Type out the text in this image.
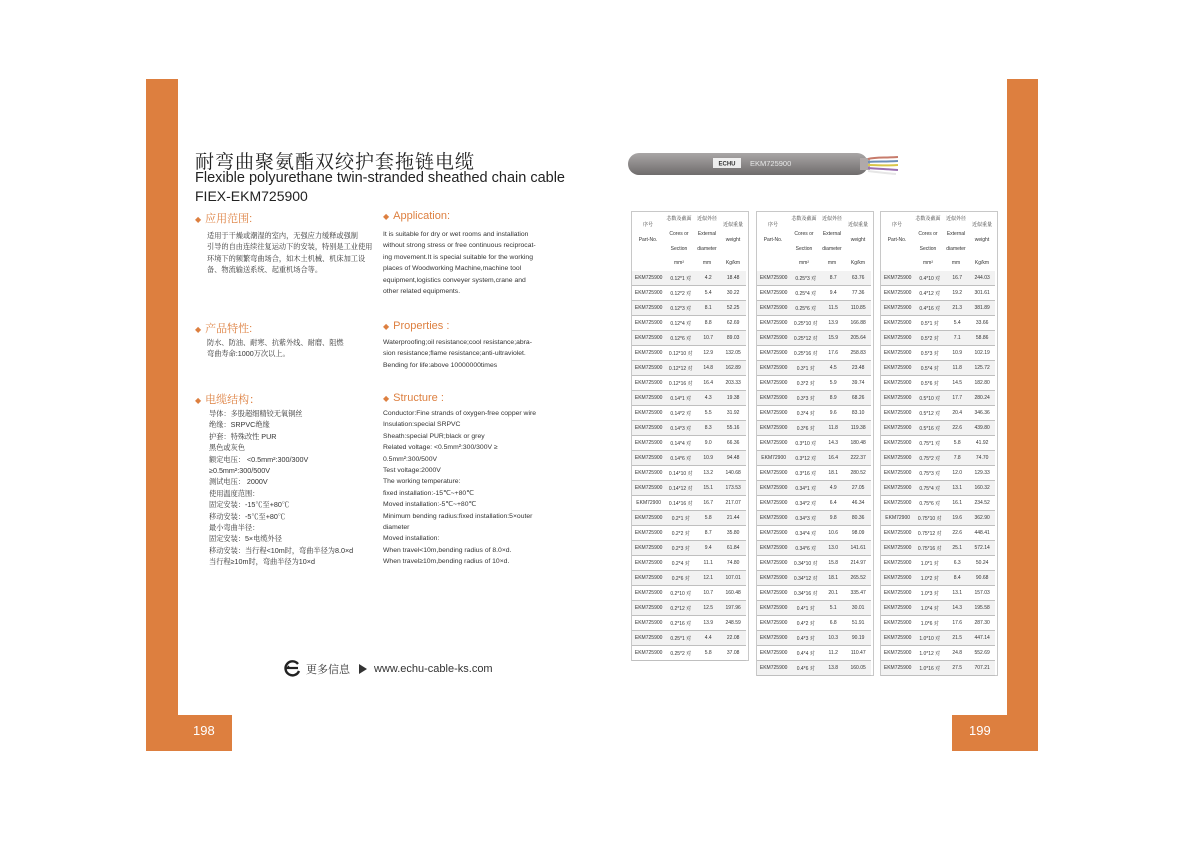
198	199
耐弯曲聚氨酯双绞护套拖链电缆
Flexible polyurethane twin-stranded sheathed chain cable
FIEX-EKM725900
◆ 应用范围:
适用于干燥或潮湿的室内，无强应力缓释或强制
引导的自由连续往复运动下的安装，特别是工业使用
环境下的频繁弯曲场合，如木土机械、机床加工设
备、物流输送系统、起重机场合等。
◆ 产品特性:
防水、防油、耐寒、抗紫外线、耐磨、阻燃
弯曲寿命:1000万次以上。
◆ 电缆结构：
导体：多股超细精铰无氧铜丝
绝缘：SRPVC绝缘
护套：特殊改性 PUR
黑色或灰色
额定电压： <0.5mm²:300/300V
≥0.5mm²:300/500V
测试电压： 2000V
使用温度范围：
固定安装：-15℃至+80℃
移动安装：-5℃至+80℃
最小弯曲半径：
固定安装：5×电缆外径
移动安装：当行程<10m时，弯曲半径为8.0×d
当行程≥10m时，弯曲半径为10×d
◆ Application:
It is suitable for dry or wet rooms and installation
without strong stress or free continuous reciprocat-
ing movement.It is special suitable for the working
places of Woodworking Machine,machine tool
equipment,logistics conveyer system,crane and
other related equipments.
◆ Properties :
Waterproofing;oil resistance;cool resistance;abra-
sion resistance;flame resistance;anti-ultraviolet.
Bending for life:above 10000000times
◆ Structure :
Conductor:Fine strands of oxygen-free copper wire
Insulation:special SRPVC
Sheath:special PUR;black or grey
Related voltage: <0.5mm²:300/300V ≥
0.5mm²:300/500V
Test voltage:2000V
The working temperature:
fixed installation:-15℃~+80℃
Moved installation:-5℃~+80℃
Minimum bending radius:fixed installation:5×outer
diameter
Moved installation:
When travel<10m,bending radius of 8.0×d.
When travel≥10m,bending radius of 10×d.
更多信息 www.echu-cable-ks.com
ECHU EKM725900
序号
Part-No.
芯数及截面
Cores or
Section
近似外径
External
diameter
近似重量
weight
mm²	mm	Kg/km
EKM725900	0.12*1 对	4.2	18.48
EKM725900	0.12*2 对	5.4	30.22
EKM725900	0.12*3 对	8.1	52.25
EKM725900	0.12*4 对	8.8	62.69
EKM725900	0.12*6 对	10.7	89.03
EKM725900	0.12*10 对	12.9	132.05
EKM725900	0.12*12 对	14.8	162.89
EKM725900	0.12*16 对	16.4	203.33
EKM725900	0.14*1 对	4.3	19.38
EKM725900	0.14*2 对	5.5	31.92
EKM725900	0.14*3 对	8.3	55.16
EKM725900	0.14*4 对	9.0	66.36
EKM725900	0.14*6 对	10.9	94.48
EKM725900	0.14*10 对	13.2	140.68
EKM725900	0.14*12 对	15.1	173.53
EKM72900	0.14*16 对	16.7	217.07
EKM725900	0.2*1 对	5.8	21.44
EKM725900	0.2*2 对	8.7	35.80
EKM725900	0.2*3 对	9.4	61.84
EKM725900	0.2*4 对	11.1	74.80
EKM725900	0.2*6 对	12.1	107.01
EKM725900	0.2*10 对	10.7	160.48
EKM725900	0.2*12 对	12.5	197.96
EKM725900	0.2*16 对	13.9	248.59
EKM725900	0.25*1 对	4.4	22.08
EKM725900	0.25*2 对	5.8	37.08
序号
Part-No.
芯数及截面
Cores or
Section
近似外径
External
diameter
近似重量
weight
mm²	mm	Kg/km
EKM725900	0.25*3 对	8.7	63.76
EKM725900	0.25*4 对	9.4	77.36
EKM725900	0.25*6 对	11.5	110.85
EKM725900	0.25*10 对	13.9	166.88
EKM725900	0.25*12 对	15.9	205.64
EKM725900	0.25*16 对	17.6	258.83
EKM725900	0.3*1 对	4.5	23.48
EKM725900	0.3*2 对	5.9	39.74
EKM725900	0.3*3 对	8.9	68.26
EKM725900	0.3*4 对	9.6	83.10
EKM725900	0.3*6 对	11.8	119.38
EKM725900	0.3*10 对	14.3	180.48
EKM72900	0.3*12 对	16.4	222.37
EKM725900	0.3*16 对	18.1	280.52
EKM725900	0.34*1 对	4.9	27.05
EKM725900	0.34*2 对	6.4	46.34
EKM725900	0.34*3 对	9.8	80.36
EKM725900	0.34*4 对	10.6	98.09
EKM725900	0.34*6 对	13.0	141.61
EKM725900	0.34*10 对	15.8	214.97
EKM725900	0.34*12 对	18.1	265.52
EKM725900	0.34*16 对	20.1	335.47
EKM725900	0.4*1 对	5.1	30.01
EKM725900	0.4*2 对	6.8	51.91
EKM725900	0.4*3 对	10.3	90.19
EKM725900	0.4*4 对	11.2	110.47
EKM725900	0.4*6 对	13.8	160.05
序号
Part-No.
芯数及截面
Cores or
Section
近似外径
External
diameter
近似重量
weight
mm²	mm	Kg/km
EKM725900	0.4*10 对	16.7	244.03
EKM725900	0.4*12 对	19.2	301.61
EKM725900	0.4*16 对	21.3	381.89
EKM725900	0.5*1 对	5.4	33.66
EKM725900	0.5*2 对	7.1	58.86
EKM725900	0.5*3 对	10.9	102.19
EKM725900	0.5*4 对	11.8	125.72
EKM725900	0.5*6 对	14.5	182.80
EKM725900	0.5*10 对	17.7	280.24
EKM725900	0.5*12 对	20.4	346.36
EKM725900	0.5*16 对	22.6	439.80
EKM725900	0.75*1 对	5.8	41.92
EKM725900	0.75*2 对	7.8	74.70
EKM725900	0.75*3 对	12.0	129.33
EKM725900	0.75*4 对	13.1	160.32
EKM725900	0.75*6 对	16.1	234.52
EKM72900	0.75*10 对	19.6	362.90
EKM725900	0.75*12 对	22.6	448.41
EKM725900	0.75*16 对	25.1	572.14
EKM725900	1.0*1 对	6.3	50.24
EKM725900	1.0*2 对	8.4	90.68
EKM725900	1.0*3 对	13.1	157.03
EKM725900	1.0*4 对	14.3	195.58
EKM725900	1.0*6 对	17.6	287.30
EKM725900	1.0*10 对	21.5	447.14
EKM725900	1.0*12 对	24.8	552.69
EKM725900	1.0*16 对	27.5	707.21
